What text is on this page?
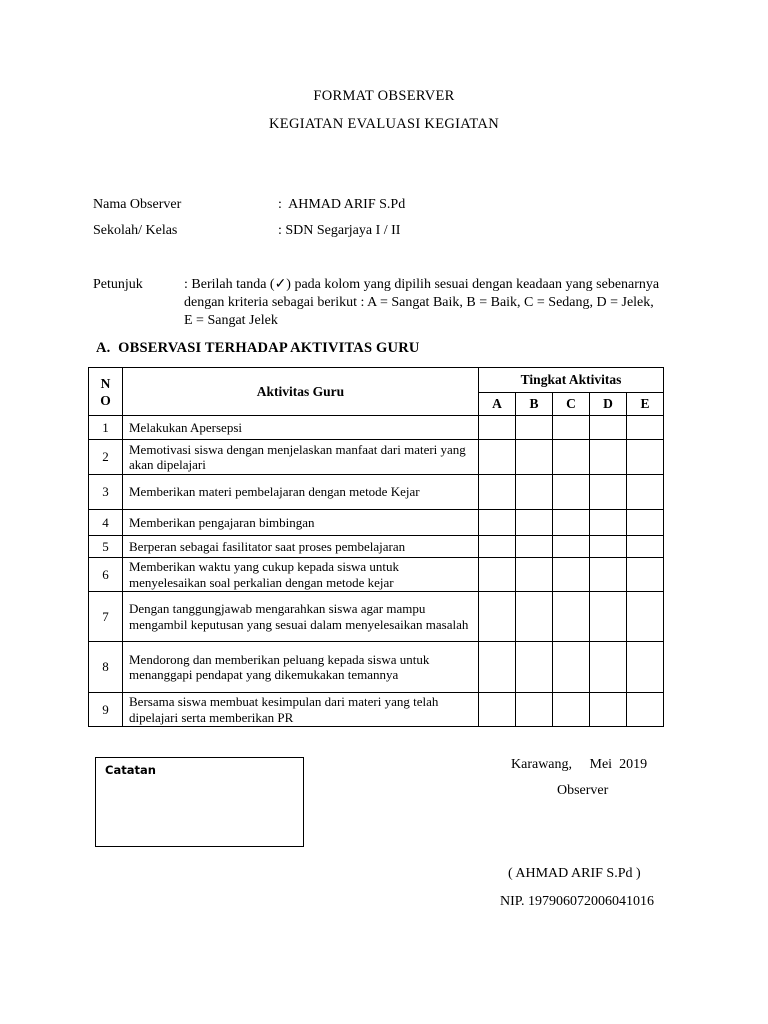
FORMAT OBSERVER
KEGIATAN EVALUASI KEGIATAN
Nama Observer	:  AHMAD ARIF S.Pd
Sekolah/ Kelas	: SDN Segarjaya I / II
Petunjuk	: Berilah tanda (✓) pada kolom yang dipilih sesuai dengan keadaan yang sebenarnya dengan kriteria sebagai berikut : A = Sangat Baik, B = Baik, C = Sedang, D = Jelek, E = Sangat Jelek
A.  OBSERVASI TERHADAP AKTIVITAS GURU
N
O	Aktivitas Guru	Tingkat Aktivitas				
		A	B	C	D	E
1	Melakukan Apersepsi					
2	Memotivasi siswa dengan menjelaskan manfaat dari materi yang akan dipelajari					
3	Memberikan materi pembelajaran dengan metode Kejar					
4	Memberikan pengajaran bimbingan					
5	Berperan sebagai fasilitator saat proses pembelajaran					
6	Memberikan waktu yang cukup kepada siswa untuk menyelesaikan soal perkalian dengan metode kejar					
7	Dengan tanggungjawab mengarahkan siswa agar mampu mengambil keputusan yang sesuai dalam menyelesaikan masalah					
8	Mendorong dan memberikan peluang kepada siswa untuk menanggapi pendapat yang dikemukakan temannya					
9	Bersama siswa membuat kesimpulan dari materi yang telah dipelajari serta memberikan PR					
Catatan	Karawang,     Mei  2019
Observer
( AHMAD ARIF S.Pd )
NIP. 197906072006041016
